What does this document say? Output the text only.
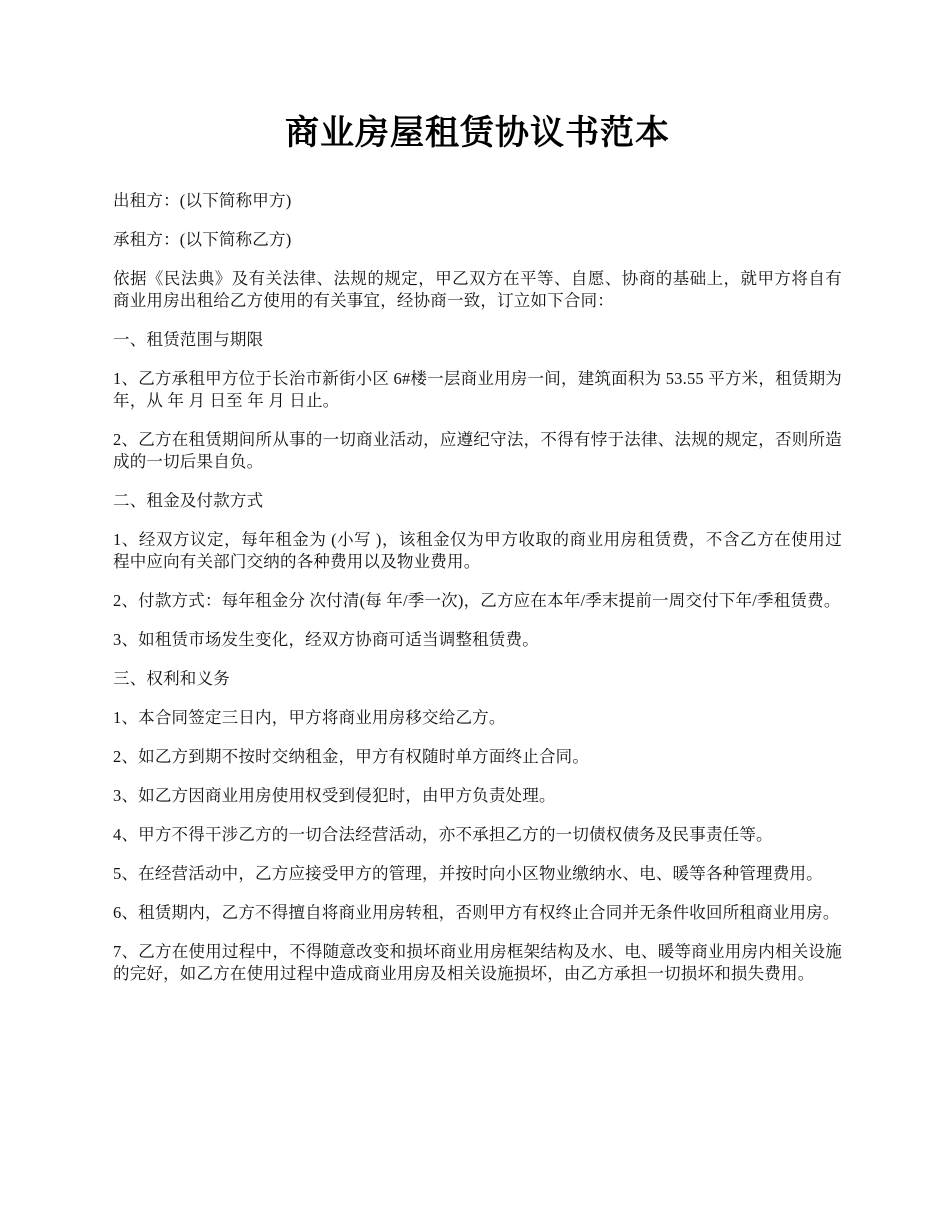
商业房屋租赁协议书范本

出租方：(以下简称甲方)

承租方：(以下简称乙方)

依据《民法典》及有关法律、法规的规定，甲乙双方在平等、自愿、协商的基础上，就甲方将自有商业用房出租给乙方使用的有关事宜，经协商一致，订立如下合同：

一、租赁范围与期限

1、乙方承租甲方位于长治市新街小区 6#楼一层商业用房一间，建筑面积为 53.55 平方米，租赁期为 年，从 年 月 日至 年 月 日止。

2、乙方在租赁期间所从事的一切商业活动，应遵纪守法，不得有悖于法律、法规的规定，否则所造成的一切后果自负。

二、租金及付款方式

1、经双方议定，每年租金为 (小写 )，该租金仅为甲方收取的商业用房租赁费，不含乙方在使用过程中应向有关部门交纳的各种费用以及物业费用。

2、付款方式：每年租金分 次付清(每 年/季一次)，乙方应在本年/季末提前一周交付下年/季租赁费。

3、如租赁市场发生变化，经双方协商可适当调整租赁费。

三、权利和义务

1、本合同签定三日内，甲方将商业用房移交给乙方。

2、如乙方到期不按时交纳租金，甲方有权随时单方面终止合同。

3、如乙方因商业用房使用权受到侵犯时，由甲方负责处理。

4、甲方不得干涉乙方的一切合法经营活动，亦不承担乙方的一切债权债务及民事责任等。

5、在经营活动中，乙方应接受甲方的管理，并按时向小区物业缴纳水、电、暖等各种管理费用。

6、租赁期内，乙方不得擅自将商业用房转租，否则甲方有权终止合同并无条件收回所租商业用房。

7、乙方在使用过程中，不得随意改变和损坏商业用房框架结构及水、电、暖等商业用房内相关设施的完好，如乙方在使用过程中造成商业用房及相关设施损坏，由乙方承担一切损坏和损失费用。
